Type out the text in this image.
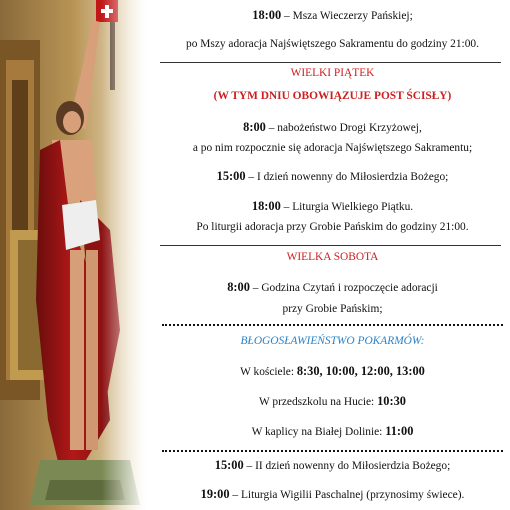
18:00 – Msza Wieczerzy Pańskiej;
po Mszy adoracja Najświętszego Sakramentu do godziny 21:00.
WIELKI PIĄTEK
(W TYM DNIU OBOWIĄZUJE POST ŚCISŁY)
8:00 – nabożeństwo Drogi Krzyżowej,
a po nim rozpocznie się adoracja Najświętszego Sakramentu;
15:00 – I dzień nowenny do Miłosierdzia Bożego;
18:00 – Liturgia Wielkiego Piątku.
Po liturgii adoracja przy Grobie Pańskim do godziny 21:00.
WIELKA SOBOTA
8:00 – Godzina Czytań i rozpoczęcie adoracji
przy Grobie Pańskim;
BŁOGOSŁAWIEŃSTWO POKARMÓW:
W kościele: 8:30, 10:00, 12:00, 13:00
W przedszkolu na Hucie: 10:30
W kaplicy na Białej Dolinie: 11:00
15:00 – II dzień nowenny do Miłosierdzia Bożego;
19:00 – Liturgia Wigilii Paschalnej (przynosimy świece).
